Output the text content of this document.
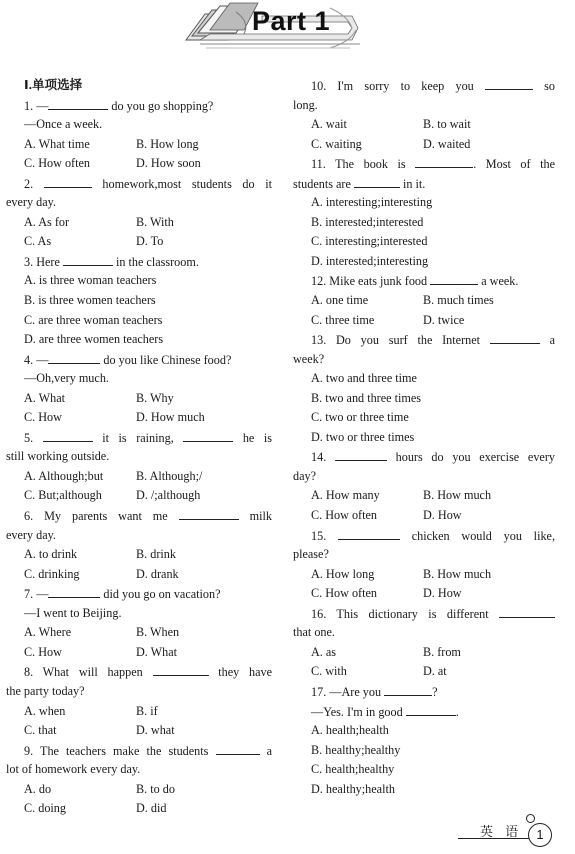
Part 1
Ⅰ.单项选择
1. —	do you go shopping?
—Once a week.
A. What time	B. How long
C. How often	D. How soon
2.	homework,most students do it
every day.
A. As for	B. With
C. As	D. To
3. Here	in the classroom.
A. is three woman teachers
B. is three women teachers
C. are three woman teachers
D. are three women teachers
4. —	do you like Chinese food?
—Oh,very much.
A. What	B. Why
C. How	D. How much
5.	it is raining,	he is
still working outside.
A. Although;but	B. Although;/
C. But;although	D. /;although
6. My parents want me	milk
every day.
A. to drink	B. drink
C. drinking	D. drank
7. —	did you go on vacation?
—I went to Beijing.
A. Where	B. When
C. How	D. What
8. What will happen	they have
the party today?
A. when	B. if
C. that	D. what
9. The teachers make the students	a
lot of homework every day.
A. do	B. to do
C. doing	D. did
10. I'm sorry to keep you	so
long.
A. wait	B. to wait
C. waiting	D. waited
11. The book is	. Most of the
students are	in it.
A. interesting;interesting
B. interested;interested
C. interesting;interested
D. interested;interesting
12. Mike eats junk food	a week.
A. one time	B. much times
C. three time	D. twice
13. Do you surf the Internet	a
week?
A. two and three time
B. two and three times
C. two or three time
D. two or three times
14.	hours do you exercise every
day?
A. How many	B. How much
C. How often	D. How
15.	chicken would you like,
please?
A. How long	B. How much
C. How often	D. How
16. This dictionary is different
that one.
A. as	B. from
C. with	D. at
17. —Are you	?
—Yes. I'm in good	.
A. health;health
B. healthy;healthy
C. health;healthy
D. healthy;health
英 语	1
